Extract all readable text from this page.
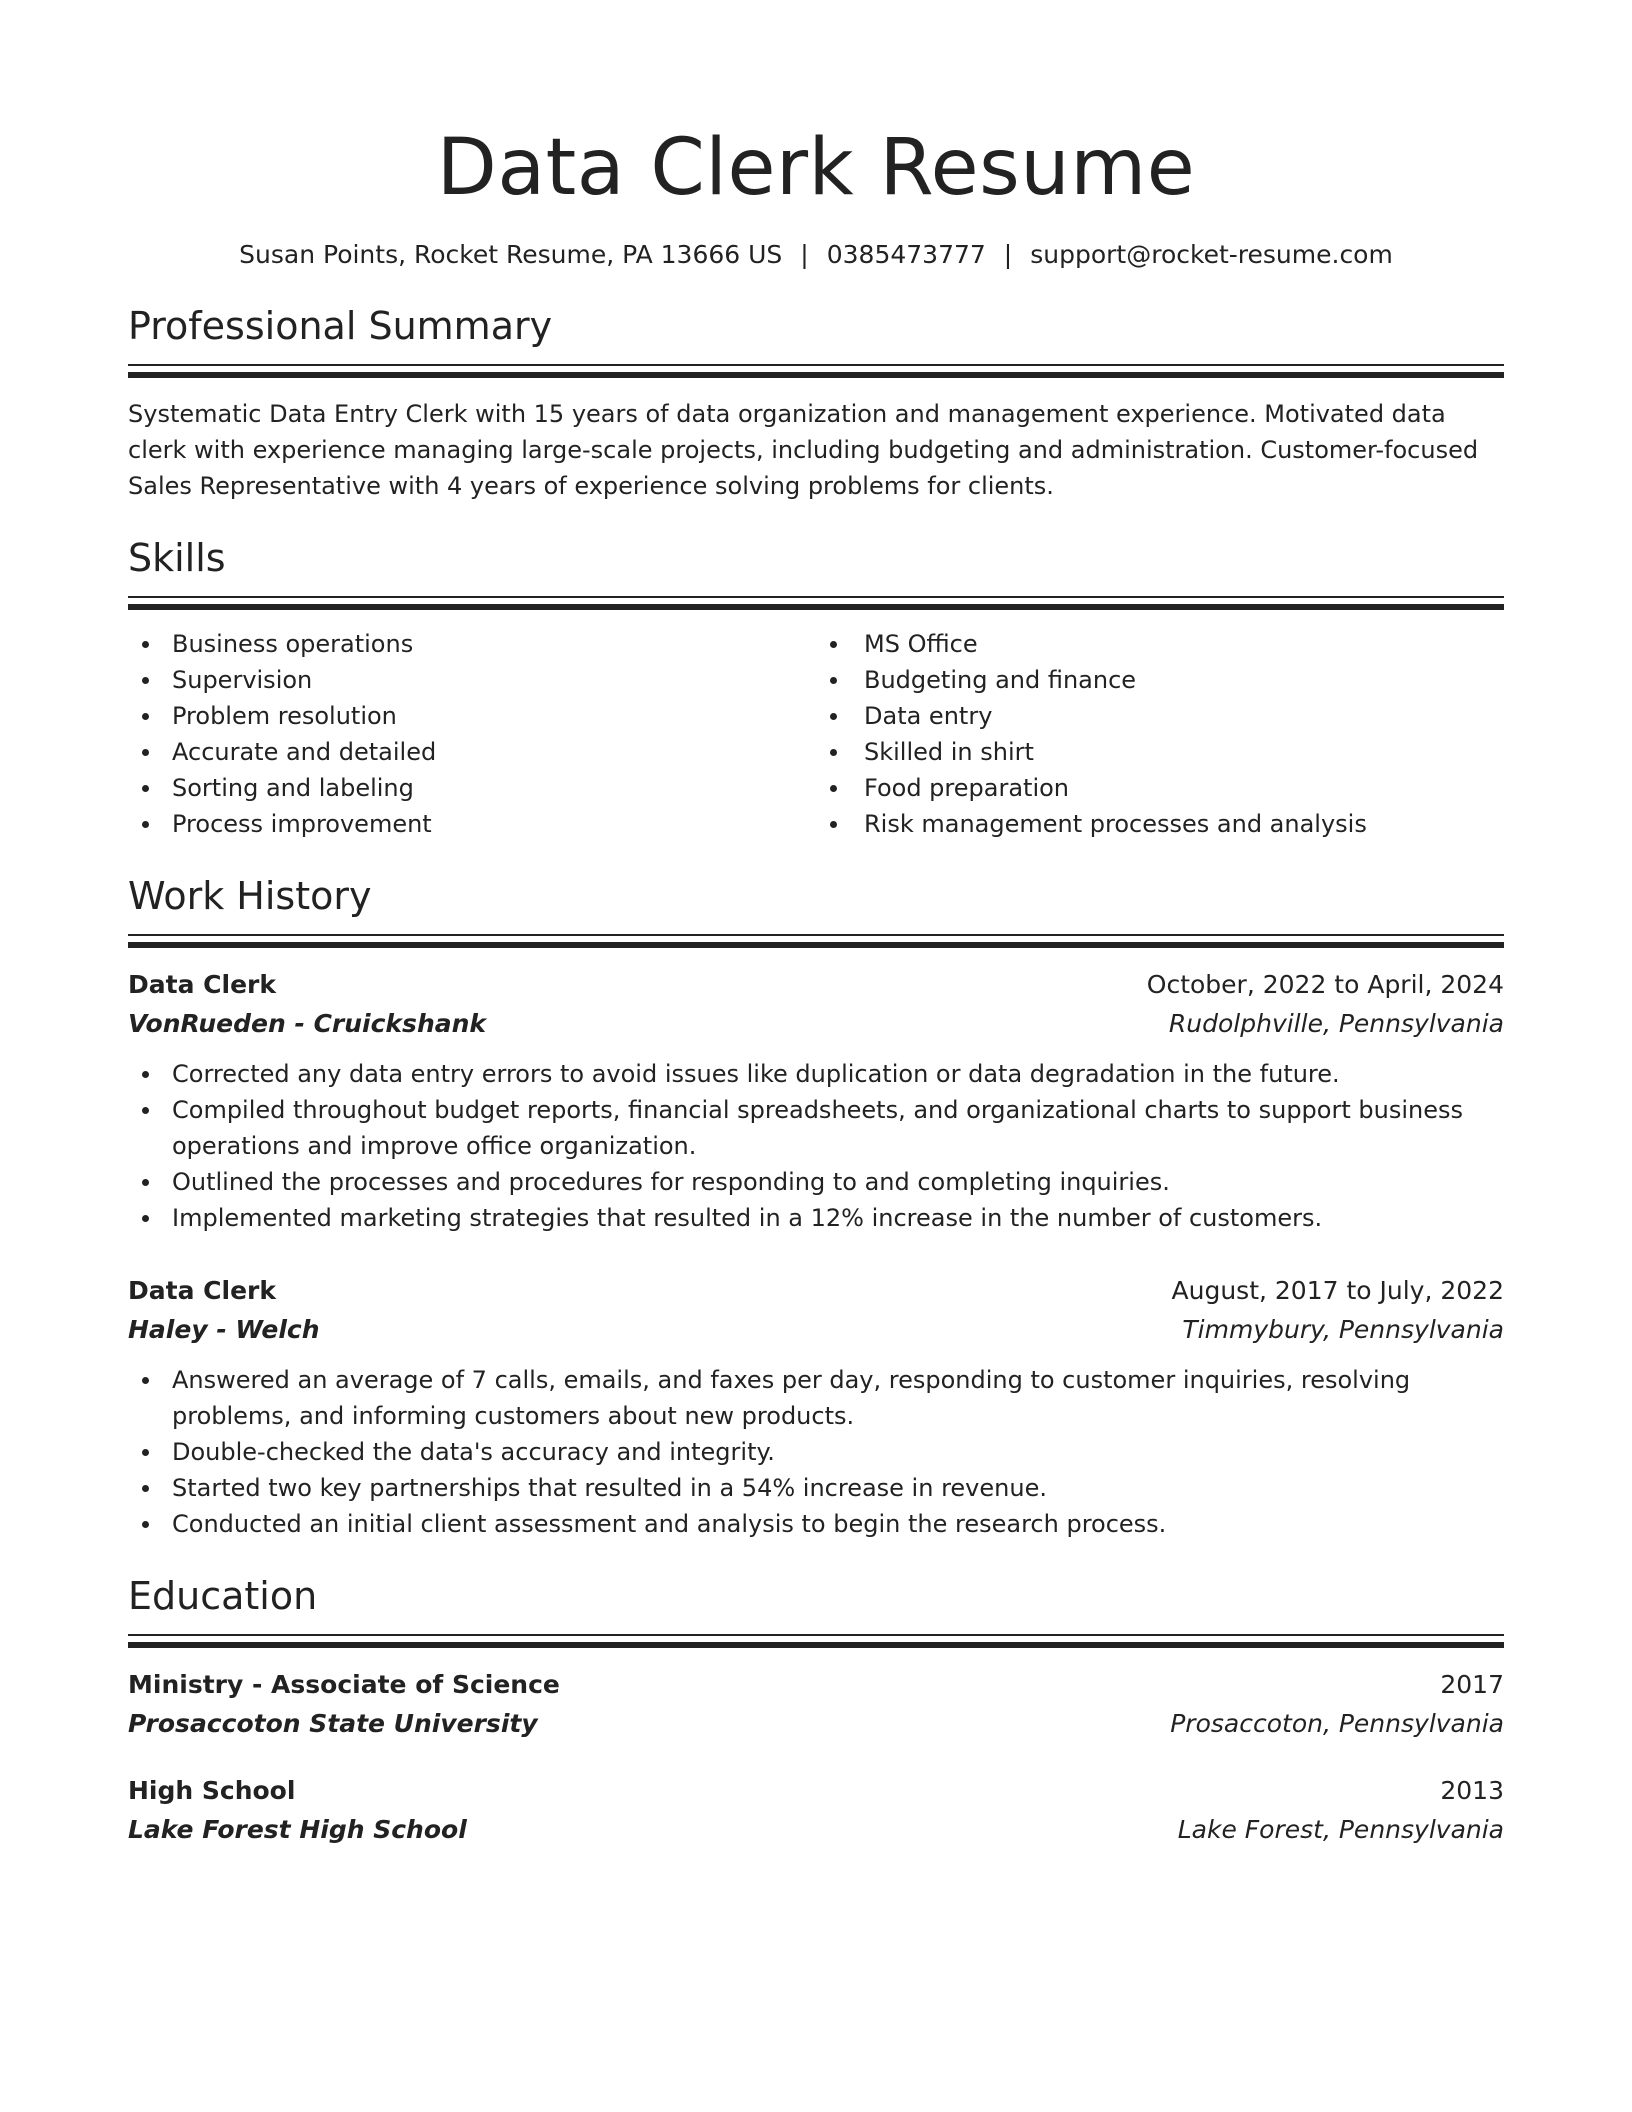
Data Clerk Resume
Susan Points, Rocket Resume, PA 13666 US | 0385473777 | support@rocket-resume.com
Professional Summary

Systematic Data Entry Clerk with 15 years of data organization and management experience. Motivated data clerk with experience managing large-scale projects, including budgeting and administration. Customer-focused Sales Representative with 4 years of experience solving problems for clients.

Skills
Business operations
Supervision
Problem resolution
Accurate and detailed
Sorting and labeling
Process improvement
MS Office
Budgeting and finance
Data entry
Skilled in shirt
Food preparation
Risk management processes and analysis
Work History
Data Clerk	October, 2022 to April, 2024
VonRueden - Cruickshank	Rudolphville, Pennsylvania
Corrected any data entry errors to avoid issues like duplication or data degradation in the future.
Compiled throughout budget reports, financial spreadsheets, and organizational charts to support business operations and improve office organization.
Outlined the processes and procedures for responding to and completing inquiries.
Implemented marketing strategies that resulted in a 12% increase in the number of customers.
Data Clerk	August, 2017 to July, 2022
Haley - Welch	Timmybury, Pennsylvania
Answered an average of 7 calls, emails, and faxes per day, responding to customer inquiries, resolving problems, and informing customers about new products.
Double-checked the data's accuracy and integrity.
Started two key partnerships that resulted in a 54% increase in revenue.
Conducted an initial client assessment and analysis to begin the research process.
Education
Ministry - Associate of Science	2017
Prosaccoton State University	Prosaccoton, Pennsylvania
High School	2013
Lake Forest High School	Lake Forest, Pennsylvania
